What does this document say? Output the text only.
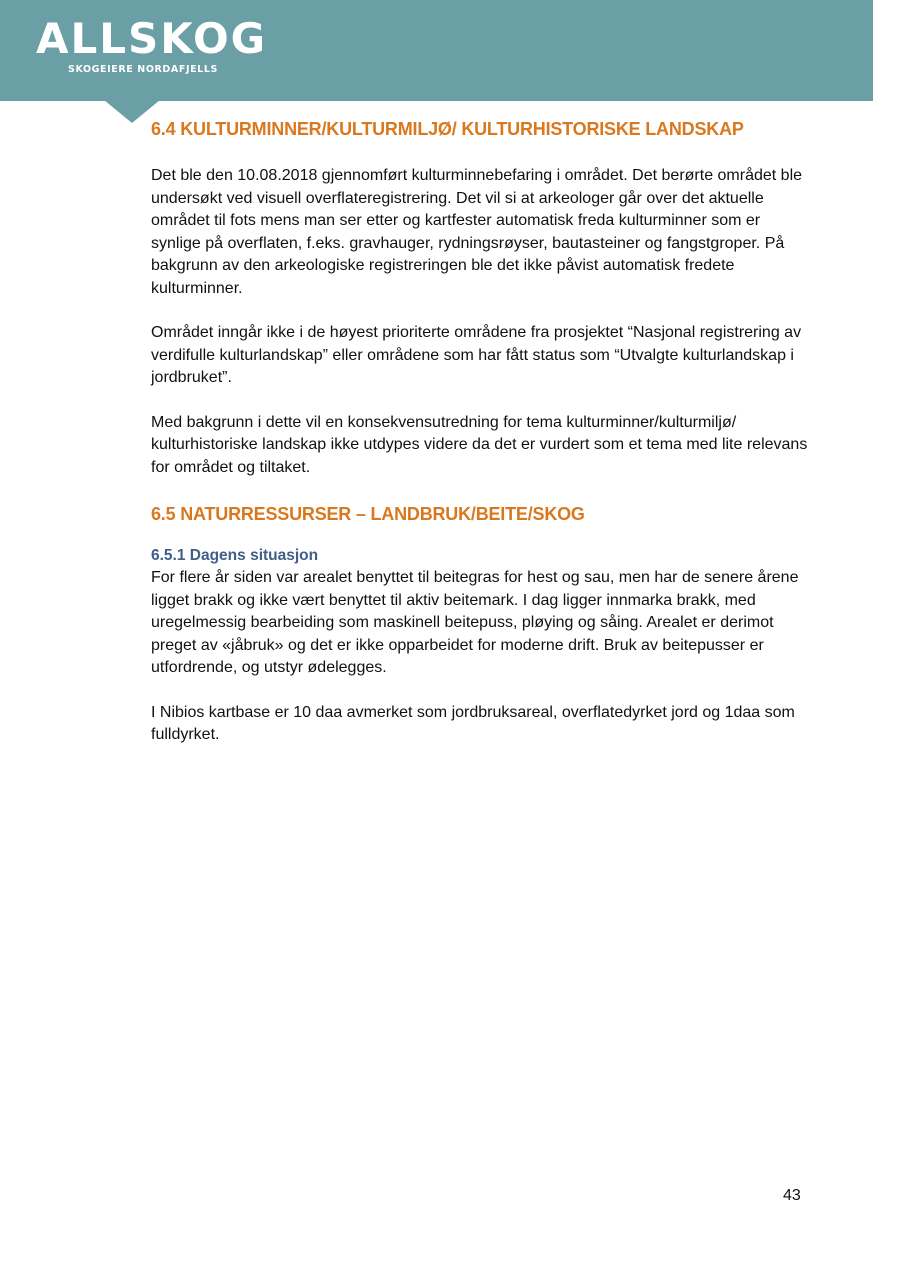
ALLSKOG
SKOGEIERE NORDAFJELLS
6.4 KULTURMINNER/KULTURMILJØ/ KULTURHISTORISKE LANDSKAP

Det ble den 10.08.2018 gjennomført kulturminnebefaring i området. Det berørte området ble undersøkt ved visuell overflateregistrering. Det vil si at arkeologer går over det aktuelle området til fots mens man ser etter og kartfester automatisk freda kulturminner som er synlige på overflaten, f.eks. gravhauger, rydningsrøyser, bautasteiner og fangstgroper. På bakgrunn av den arkeologiske registreringen ble det ikke påvist automatisk fredete kulturminner.

Området inngår ikke i de høyest prioriterte områdene fra prosjektet “Nasjonal registrering av verdifulle kulturlandskap” eller områdene som har fått status som “Utvalgte kulturlandskap i jordbruket”.

Med bakgrunn i dette vil en konsekvensutredning for tema kulturminner/kulturmiljø/ kulturhistoriske landskap ikke utdypes videre da det er vurdert som et tema med lite relevans for området og tiltaket.

6.5 NATURRESSURSER – LANDBRUK/BEITE/SKOG
6.5.1 Dagens situasjon

For flere år siden var arealet benyttet til beitegras for hest og sau, men har de senere årene ligget brakk og ikke vært benyttet til aktiv beitemark. I dag ligger innmarka brakk, med uregelmessig bearbeiding som maskinell beitepuss, pløying og såing. Arealet er derimot preget av «jåbruk» og det er ikke opparbeidet for moderne drift. Bruk av beitepusser er utfordrende, og utstyr ødelegges.

I Nibios kartbase er 10 daa avmerket som jordbruksareal, overflatedyrket jord og 1daa som fulldyrket.

43
